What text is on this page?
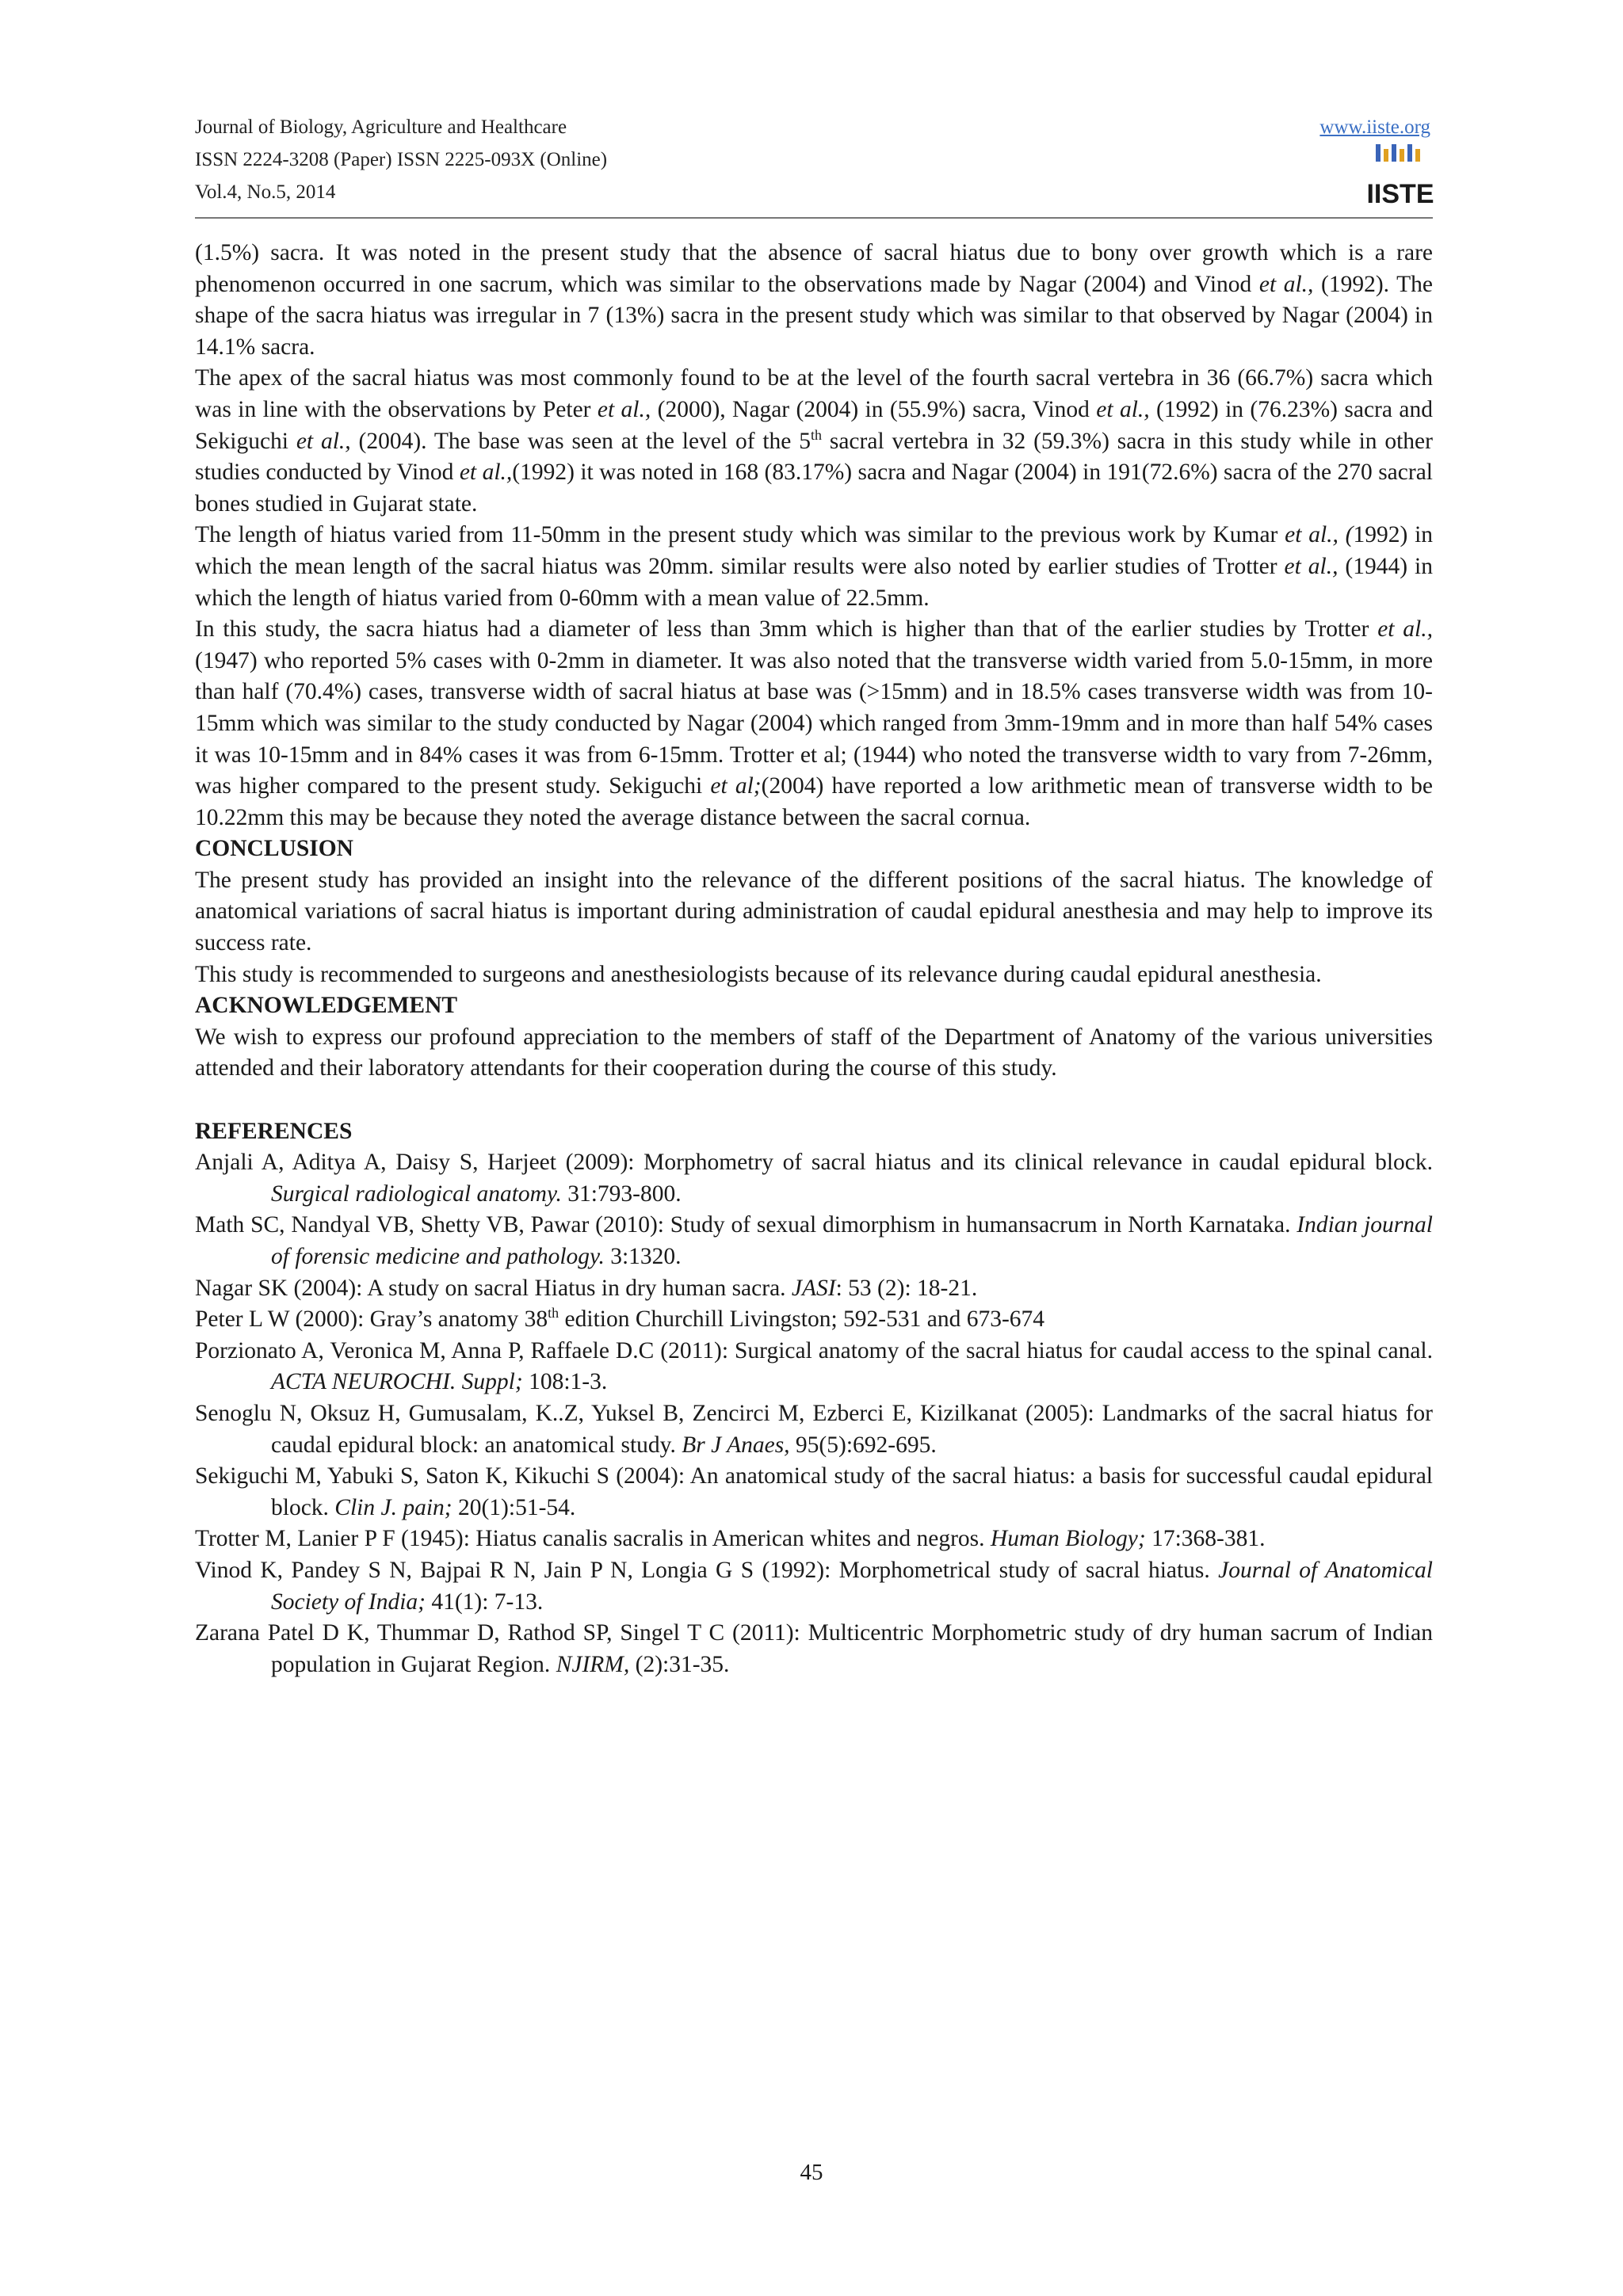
Journal of Biology, Agriculture and Healthcare
ISSN 2224-3208 (Paper) ISSN 2225-093X (Online)
Vol.4, No.5, 2014
www.iiste.org
IISTE

(1.5%) sacra. It was noted in the present study that the absence of sacral hiatus due to bony over growth which is a rare phenomenon occurred in one sacrum, which was similar to the observations made by Nagar (2004) and Vinod et al., (1992). The shape of the sacra hiatus was irregular in 7 (13%) sacra in the present study which was similar to that observed by Nagar (2004) in 14.1% sacra.

The apex of the sacral hiatus was most commonly found to be at the level of the fourth sacral vertebra in 36 (66.7%) sacra which was in line with the observations by Peter et al., (2000), Nagar (2004) in (55.9%) sacra, Vinod et al., (1992) in (76.23%) sacra and Sekiguchi et al., (2004). The base was seen at the level of the 5th sacral vertebra in 32 (59.3%) sacra in this study while in other studies conducted by Vinod et al.,(1992) it was noted in 168 (83.17%) sacra and Nagar (2004) in 191(72.6%) sacra of the 270 sacral bones studied in Gujarat state.

The length of hiatus varied from 11-50mm in the present study which was similar to the previous work by Kumar et al., (1992) in which the mean length of the sacral hiatus was 20mm. similar results were also noted by earlier studies of Trotter et al., (1944) in which the length of hiatus varied from 0-60mm with a mean value of 22.5mm.

In this study, the sacra hiatus had a diameter of less than 3mm which is higher than that of the earlier studies by Trotter et al., (1947) who reported 5% cases with 0-2mm in diameter. It was also noted that the transverse width varied from 5.0-15mm, in more than half (70.4%) cases, transverse width of sacral hiatus at base was (>15mm) and in 18.5% cases transverse width was from 10-15mm which was similar to the study conducted by Nagar (2004) which ranged from 3mm-19mm and in more than half 54% cases it was 10-15mm and in 84% cases it was from 6-15mm. Trotter et al; (1944) who noted the transverse width to vary from 7-26mm, was higher compared to the present study. Sekiguchi et al;(2004) have reported a low arithmetic mean of transverse width to be 10.22mm this may be because they noted the average distance between the sacral cornua.

CONCLUSION

The present study has provided an insight into the relevance of the different positions of the sacral hiatus. The knowledge of anatomical variations of sacral hiatus is important during administration of caudal epidural anesthesia and may help to improve its success rate.

This study is recommended to surgeons and anesthesiologists because of its relevance during caudal epidural anesthesia.

ACKNOWLEDGEMENT

We wish to express our profound appreciation to the members of staff of the Department of Anatomy of the various universities attended and their laboratory attendants for their cooperation during the course of this study.

REFERENCES

Anjali A, Aditya A, Daisy S, Harjeet (2009): Morphometry of sacral hiatus and its clinical relevance in caudal epidural block. Surgical radiological anatomy. 31:793-800.

Math SC, Nandyal VB, Shetty VB, Pawar (2010): Study of sexual dimorphism in humansacrum in North Karnataka. Indian journal of forensic medicine and pathology. 3:1320.

Nagar SK (2004): A study on sacral Hiatus in dry human sacra. JASI: 53 (2): 18-21.

Peter L W (2000): Gray’s anatomy 38th edition Churchill Livingston; 592-531 and 673-674

Porzionato A, Veronica M, Anna P, Raffaele D.C (2011): Surgical anatomy of the sacral hiatus for caudal access to the spinal canal. ACTA NEUROCHI. Suppl; 108:1-3.

Senoglu N, Oksuz H, Gumusalam, K..Z, Yuksel B, Zencirci M, Ezberci E, Kizilkanat (2005): Landmarks of the sacral hiatus for caudal epidural block: an anatomical study. Br J Anaes, 95(5):692-695.

Sekiguchi M, Yabuki S, Saton K, Kikuchi S (2004): An anatomical study of the sacral hiatus: a basis for successful caudal epidural block. Clin J. pain; 20(1):51-54.

Trotter M, Lanier P F (1945): Hiatus canalis sacralis in American whites and negros. Human Biology; 17:368-381.

Vinod K, Pandey S N, Bajpai R N, Jain P N, Longia G S (1992): Morphometrical study of sacral hiatus. Journal of Anatomical Society of India; 41(1): 7-13.

Zarana Patel D K, Thummar D, Rathod SP, Singel T C (2011): Multicentric Morphometric study of dry human sacrum of Indian population in Gujarat Region. NJIRM, (2):31-35.

45
